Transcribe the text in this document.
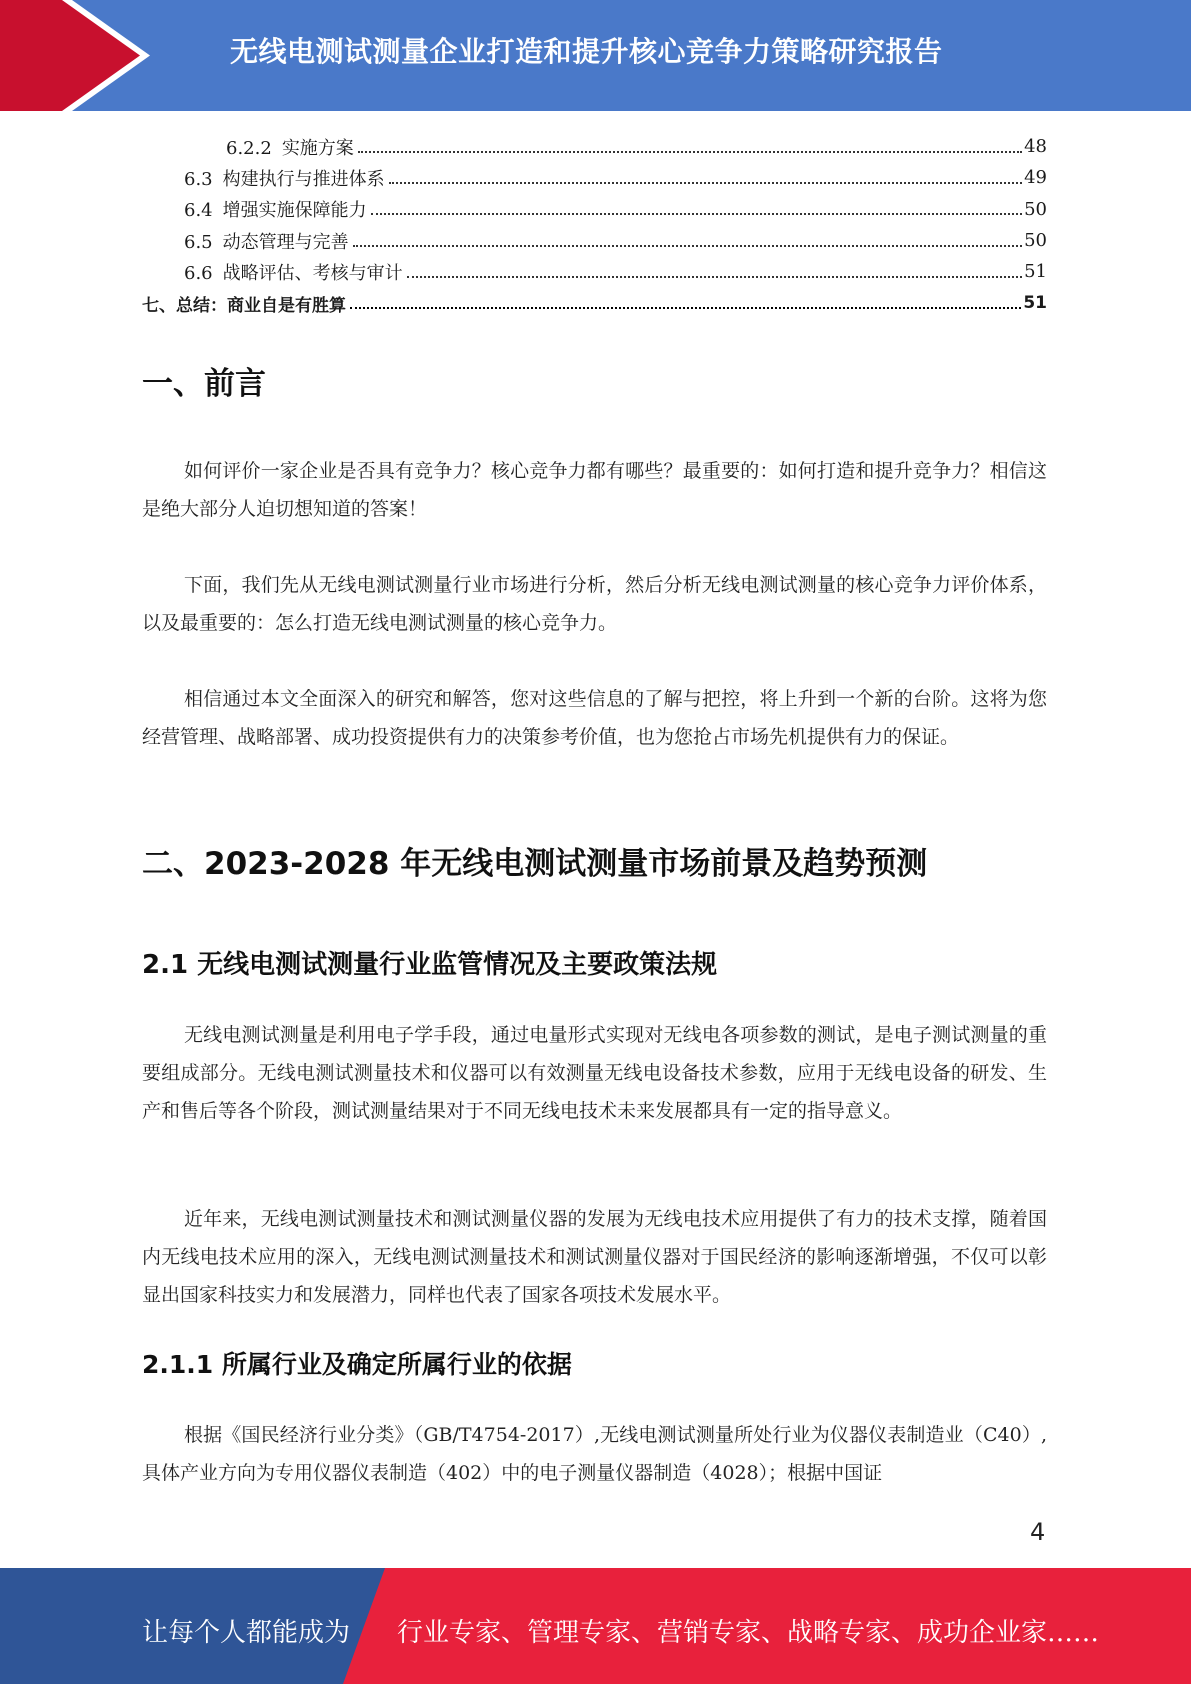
无线电测试测量企业打造和提升核心竞争力策略研究报告
6.2.2 实施方案	48
6.3 构建执行与推进体系	49
6.4 增强实施保障能力	50
6.5 动态管理与完善	50
6.6 战略评估、考核与审计	51
七、总结：商业自是有胜算	51
一、前言

如何评价一家企业是否具有竞争力？核心竞争力都有哪些？最重要的：如何打造和提升竞争力？相信这是绝大部分人迫切想知道的答案！

下面，我们先从无线电测试测量行业市场进行分析，然后分析无线电测试测量的核心竞争力评价体系，以及最重要的：怎么打造无线电测试测量的核心竞争力。

相信通过本文全面深入的研究和解答，您对这些信息的了解与把控，将上升到一个新的台阶。这将为您经营管理、战略部署、成功投资提供有力的决策参考价值，也为您抢占市场先机提供有力的保证。

二、2023-2028 年无线电测试测量市场前景及趋势预测
2.1 无线电测试测量行业监管情况及主要政策法规

无线电测试测量是利用电子学手段，通过电量形式实现对无线电各项参数的测试，是电子测试测量的重要组成部分。无线电测试测量技术和仪器可以有效测量无线电设备技术参数，应用于无线电设备的研发、生产和售后等各个阶段，测试测量结果对于不同无线电技术未来发展都具有一定的指导意义。

近年来，无线电测试测量技术和测试测量仪器的发展为无线电技术应用提供了有力的技术支撑，随着国内无线电技术应用的深入，无线电测试测量技术和测试测量仪器对于国民经济的影响逐渐增强，不仅可以彰显出国家科技实力和发展潜力，同样也代表了国家各项技术发展水平。

2.1.1 所属行业及确定所属行业的依据

根据《国民经济行业分类》（GB/T4754-2017）,无线电测试测量所处行业为仪器仪表制造业（C40）,具体产业方向为专用仪器仪表制造（402）中的电子测量仪器制造（4028）；根据中国证

4
让每个人都能成为 行业专家、管理专家、营销专家、战略专家、成功企业家……
